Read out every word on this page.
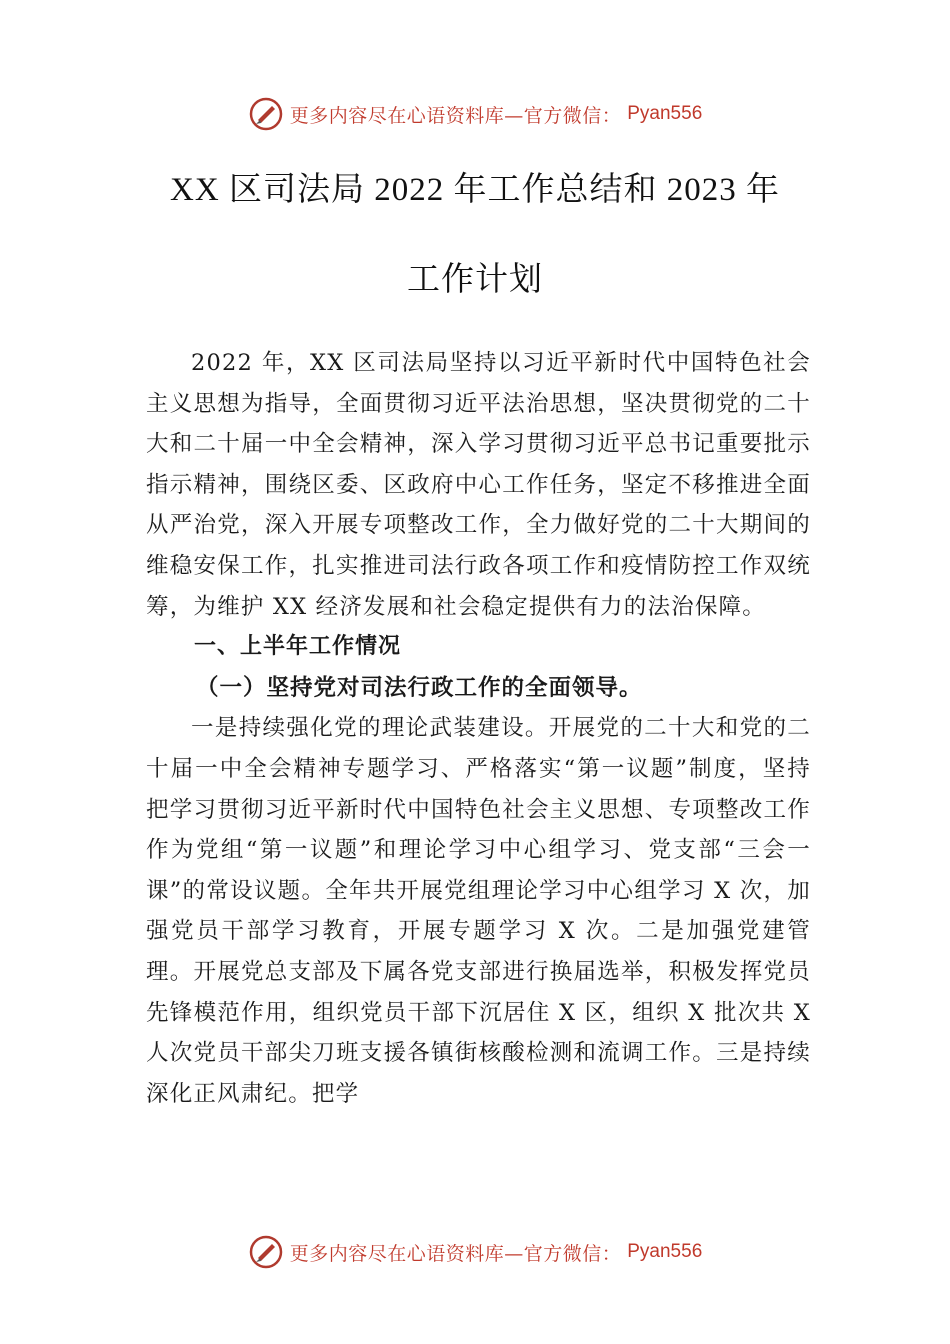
更多内容尽在心语资料库—官方微信： Pyan556
XX 区司法局 2022 年工作总结和 2023 年
工作计划

2022 年，XX 区司法局坚持以习近平新时代中国特色社会主义思想为指导，全面贯彻习近平法治思想，坚决贯彻党的二十大和二十届一中全会精神，深入学习贯彻习近平总书记重要批示指示精神，围绕区委、区政府中心工作任务，坚定不移推进全面从严治党，深入开展专项整改工作，全力做好党的二十大期间的维稳安保工作，扎实推进司法行政各项工作和疫情防控工作双统筹，为维护 XX 经济发展和社会稳定提供有力的法治保障。

一、上半年工作情况
（一）坚持党对司法行政工作的全面领导。

一是持续强化党的理论武装建设。开展党的二十大和党的二十届一中全会精神专题学习、严格落实“第一议题”制度，坚持把学习贯彻习近平新时代中国特色社会主义思想、专项整改工作作为党组“第一议题”和理论学习中心组学习、党支部“三会一课”的常设议题。全年共开展党组理论学习中心组学习 X 次，加强党员干部学习教育，开展专题学习 X 次。二是加强党建管理。开展党总支部及下属各党支部进行换届选举，积极发挥党员先锋模范作用，组织党员干部下沉居住 X 区，组织 X 批次共 X 人次党员干部尖刀班支援各镇街核酸检测和流调工作。三是持续深化正风肃纪。把学

更多内容尽在心语资料库—官方微信： Pyan556
